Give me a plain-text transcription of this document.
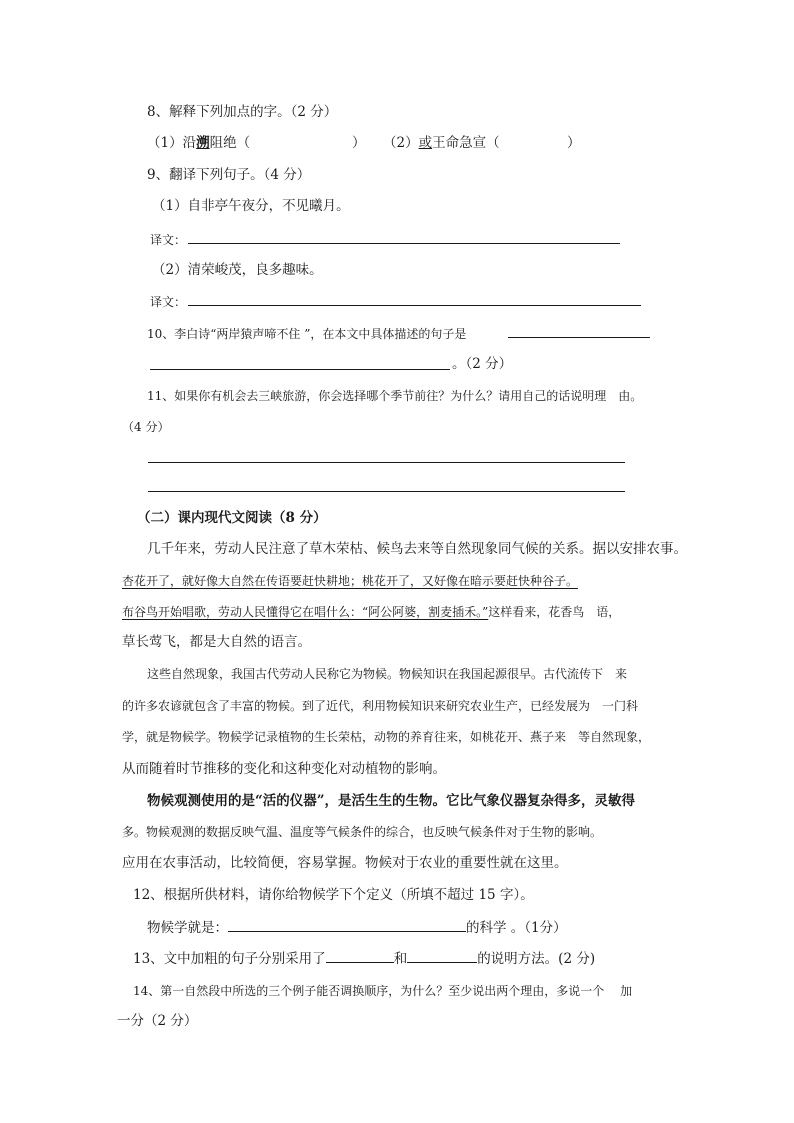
8、解释下列加点的字。（2 分）
（1）沿溯阻绝（	） （2）或王命急宣（	）
9、翻译下列句子。（4 分）
（1）自非亭午夜分，不见曦月。
译文：
（2）清荣峻茂，良多趣味。
译文：
10、李白诗“两岸猿声啼不住 ”，在本文中具体描述的句子是
。（2 分）
11、如果你有机会去三峡旅游，你会选择哪个季节前往？为什么？请用自己的话说明理　由。
（4 分）
（二）课内现代文阅读（8 分）
几千年来，劳动人民注意了草木荣枯、候鸟去来等自然现象同气候的关系。据以安排农事。
杏花开了，就好像大自然在传语要赶快耕地；桃花开了，又好像在暗示要赶快种谷子。
布谷鸟开始唱歌，劳动人民懂得它在唱什么：“阿公阿婆，割麦插禾。”这样看来，花香鸟　语，
草长莺飞，都是大自然的语言。
这些自然现象，我国古代劳动人民称它为物候。物候知识在我国起源很早。古代流传下　来
的许多农谚就包含了丰富的物候。到了近代，利用物候知识来研究农业生产，已经发展为　一门科
学，就是物候学。物候学记录植物的生长荣枯，动物的养育往来，如桃花开、燕子来　等自然现象，
从而随着时节推移的变化和这种变化对动植物的影响。
物候观测使用的是“活的仪器”，是活生生的生物。它比气象仪器复杂得多，灵敏得
多。物候观测的数据反映气温、温度等气候条件的综合，也反映气候条件对于生物的影响。
应用在农事活动，比较简便，容易掌握。物候对于农业的重要性就在这里。
12、根据所供材料，请你给物候学下个定义（所填不超过 15 字）。
物候学就是：	的科学 。（1分）
13、文中加粗的句子分别采用了	和	的说明方法。(2 分)
14、第一自然段中所选的三个例子能否调换顺序，为什么？至少说出两个理由，多说一个　 加
一分（2 分）
